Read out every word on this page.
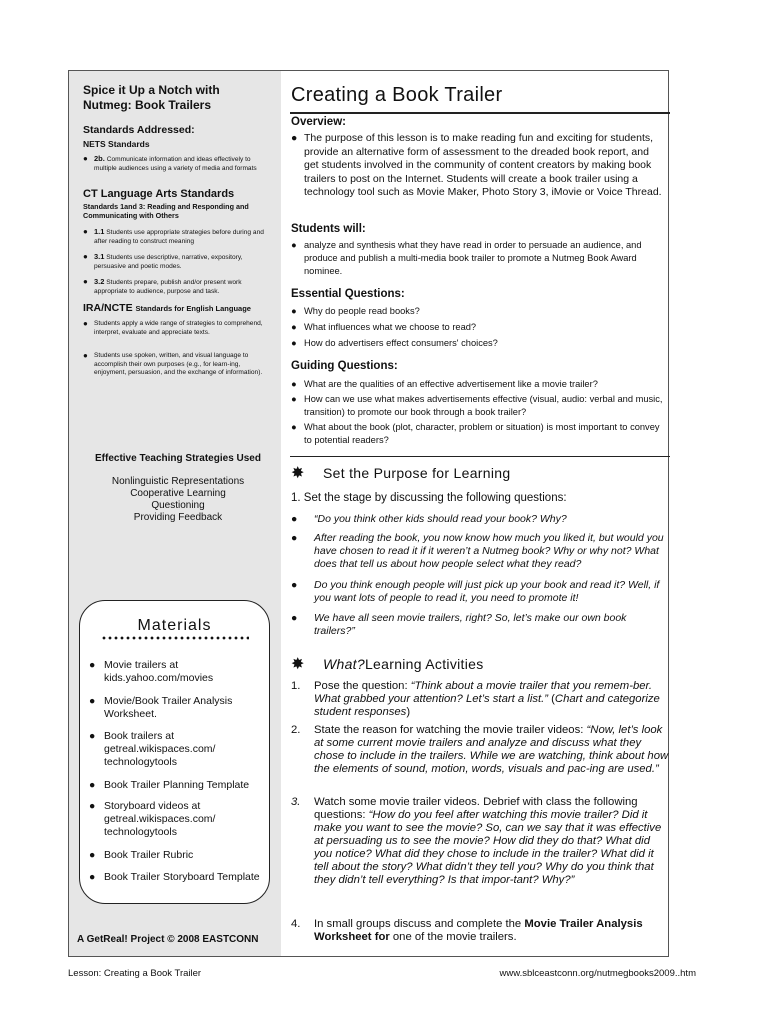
Spice it Up a Notch with
Nutmeg: Book Trailers
Standards Addressed:
NETS Standards
● 2b. Communicate information and ideas effectively to multiple audiences using a variety of media and formats
CT Language Arts Standards
Standards 1and 3: Reading and Responding and Communicating with Others
● 1.1 Students use appropriate strategies before during and after reading to construct meaning
● 3.1 Students use descriptive, narrative, expository, persuasive and poetic modes.
● 3.2 Students prepare, publish and/or present work appropriate to audience, purpose and task.
IRA/NCTE Standards for English Language
● Students apply a wide range of strategies to comprehend, interpret, evaluate and appreciate texts.
● Students use spoken, written, and visual language to accomplish their own purposes (e.g., for learn-ing, enjoyment, persuasion, and the exchange of information).
Effective Teaching Strategies Used
Nonlinguistic Representations
Cooperative Learning
Questioning
Providing Feedback
Materials
● Movie trailers at kids.yahoo.com/movies
● Movie/Book Trailer Analysis Worksheet.
● Book trailers at getreal.wikispaces.com/ technologytools
● Book Trailer Planning Template
● Storyboard videos at getreal.wikispaces.com/ technologytools
● Book Trailer Rubric
● Book Trailer Storyboard Template
A GetReal! Project © 2008 EASTCONN
Creating a Book Trailer
Overview:
● The purpose of this lesson is to make reading fun and exciting for students, provide an alternative form of assessment to the dreaded book report, and get students involved in the community of content creators by making book trailers to post on the Internet. Students will create a book trailer using a technology tool such as Movie Maker, Photo Story 3, iMovie or Voice Thread.
Students will:
● analyze and synthesis what they have read in order to persuade an audience, and produce and publish a multi-media book trailer to promote a Nutmeg Book Award nominee.
Essential Questions:
● Why do people read books?
● What influences what we choose to read?
● How do advertisers effect consumers' choices?
Guiding Questions:
● What are the qualities of an effective advertisement like a movie trailer?
● How can we use what makes advertisements effective (visual, audio: verbal and music, transition) to promote our book through a book trailer?
● What about the book (plot, character, problem or situation) is most important to convey to potential readers?
✸ Set the Purpose for Learning
1. Set the stage by discussing the following questions:
● “Do you think other kids should read your book? Why?
● After reading the book, you now know how much you liked it, but would you have chosen to read it if it weren’t a Nutmeg book? Why or why not? What does that tell us about how people select what they read?
● Do you think enough people will just pick up your book and read it? Well, if you want lots of people to read it, you need to promote it!
● We have all seen movie trailers, right? So, let’s make our own book trailers?”
✸ What?Learning Activities
1. Pose the question: “Think about a movie trailer that you remem-ber. What grabbed your attention? Let’s start a list.” (Chart and categorize student responses)
2. State the reason for watching the movie trailer videos: “Now, let’s look at some current movie trailers and analyze and discuss what they chose to include in the trailers. While we are watching, think about how the elements of sound, motion, words, visuals and pac-ing are used.”
3. Watch some movie trailer videos. Debrief with class the following questions: “How do you feel after watching this movie trailer? Did it make you want to see the movie? So, can we say that it was effective at persuading us to see the movie? How did they do that? What did you notice? What did they chose to include in the trailer? What did it tell about the story? What didn’t they tell you? Why do you think that they didn’t tell everything? Is that impor-tant? Why?”
4. In small groups discuss and complete the Movie Trailer Analysis Worksheet for one of the movie trailers.
Lesson: Creating a Book Trailer	www.sblceastconn.org/nutmegbooks2009..htm
